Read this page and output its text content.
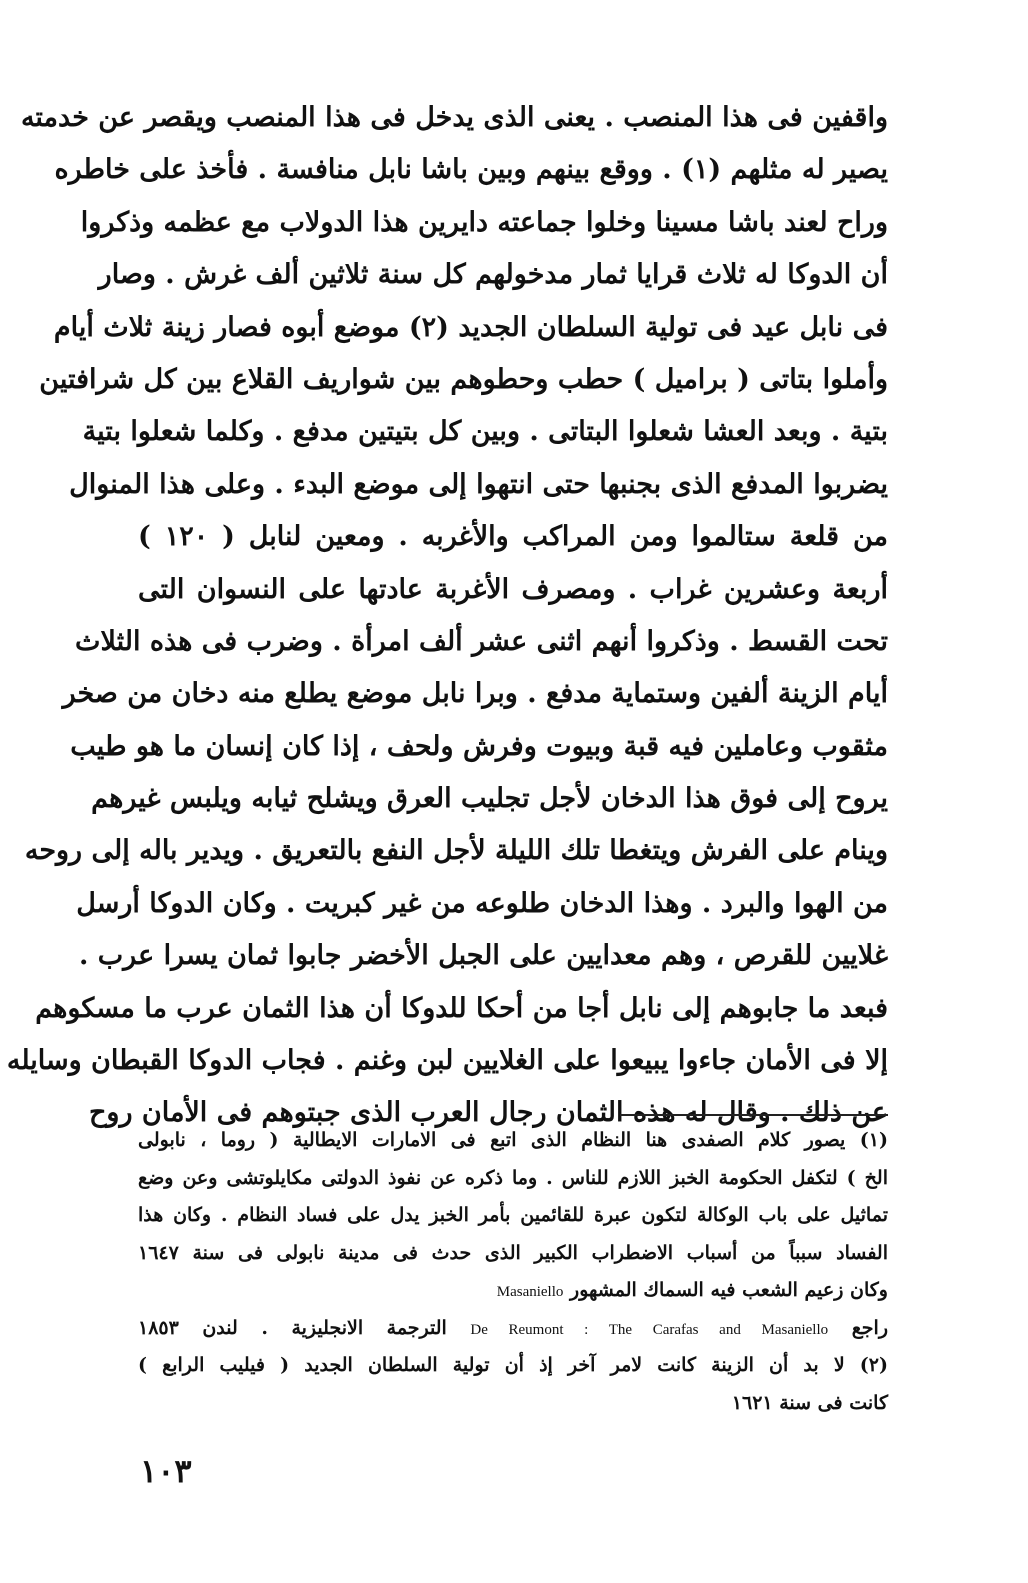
واقفين فى هذا المنصب . يعنى الذى يدخل فى هذا المنصب ويقصر عن خدمته
يصير له مثلهم (١) . ووقع بينهم وبين باشا نابل منافسة . فأخذ على خاطره
وراح لعند باشا مسينا وخلوا جماعته دايرين هذا الدولاب مع عظمه وذكروا
أن الدوكا له ثلاث قرايا ثمار مدخولهم كل سنة ثلاثين ألف غرش . وصار
فى نابل عيد فى تولية السلطان الجديد (٢) موضع أبوه فصار زينة ثلاث أيام
وأملوا بتاتى ( براميل ) حطب وحطوهم بين شواريف القلاع بين كل شرافتين
بتية . وبعد العشا شعلوا البتاتى . وبين كل بتيتين مدفع . وكلما شعلوا بتية
يضربوا المدفع الذى بجنبها حتى انتهوا إلى موضع البدء . وعلى هذا المنوال
من قلعة ستالموا ومن المراكب والأغربه . ومعين لنابل ( ١٢٠ )
أربعة وعشرين غراب . ومصرف الأغربة عادتها على النسوان التى
تحت القسط . وذكروا أنهم اثنى عشر ألف امرأة . وضرب فى هذه الثلاث
أيام الزينة ألفين وستماية مدفع . وبرا نابل موضع يطلع منه دخان من صخر
مثقوب وعاملين فيه قبة وبيوت وفرش ولحف ، إذا كان إنسان ما هو طيب
يروح إلى فوق هذا الدخان لأجل تجليب العرق ويشلح ثيابه ويلبس غيرهم
وينام على الفرش ويتغطا تلك الليلة لأجل النفع بالتعريق . ويدير باله إلى روحه
من الهوا والبرد . وهذا الدخان طلوعه من غير كبريت . وكان الدوكا أرسل
غلايين للقرص ، وهم معدايين على الجبل الأخضر جابوا ثمان يسرا عرب .
فبعد ما جابوهم إلى نابل أجا من أحكا للدوكا أن هذا الثمان عرب ما مسكوهم
إلا فى الأمان جاءوا يبيعوا على الغلايين لبن وغنم . فجاب الدوكا القبطان وسايله
عن ذلك . وقال له هذه الثمان رجال العرب الذى جبتوهم فى الأمان روح
(١) يصور كلام الصفدى هنا النظام الذى اتبع فى الامارات الايطالية ( روما ، نابولى
الخ ) لتكفل الحكومة الخبز اللازم للناس . وما ذكره عن نفوذ الدولتى مكايلوتشى وعن وضع
تماثيل على باب الوكالة لتكون عبرة للقائمين بأمر الخبز يدل على فساد النظام . وكان هذا
الفساد سبباً من أسباب الاضطراب الكبير الذى حدث فى مدينة نابولى فى سنة ١٦٤٧
وكان زعيم الشعب فيه السماك المشهور Masaniello
راجع De Reumont : The Carafas and Masaniello الترجمة الانجليزية . لندن ١٨٥٣
(٢) لا بد أن الزينة كانت لامر آخر إذ أن تولية السلطان الجديد ( فيليب الرابع )
كانت فى سنة ١٦٢١
١٠٣
